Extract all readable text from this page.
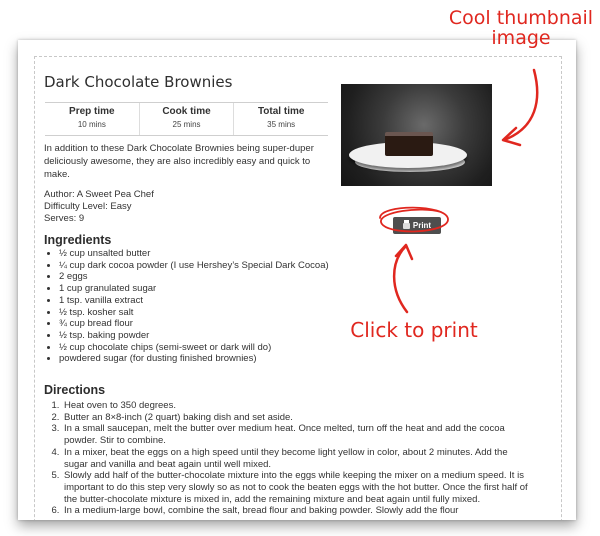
Dark Chocolate Brownies
Prep time
10 mins
Cook time
25 mins
Total time
35 mins
Print

In addition to these Dark Chocolate Brownies being super-duper deliciously awesome, they are also incredibly easy and quick to make.

Author: A Sweet Pea Chef
Difficulty Level: Easy
Serves: 9
Ingredients
• ½ cup unsalted butter
• ¼ cup dark cocoa powder (I use Hershey’s Special Dark Cocoa)
• 2 eggs
• 1 cup granulated sugar
• 1 tsp. vanilla extract
• ½ tsp. kosher salt
• ¾ cup bread flour
• ½ tsp. baking powder
• ½ cup chocolate chips (semi-sweet or dark will do)
• powdered sugar (for dusting finished brownies)
Directions
1. Heat oven to 350 degrees.
2. Butter an 8×8-inch (2 quart) baking dish and set aside.
3. In a small saucepan, melt the butter over medium heat. Once melted, turn off the heat and add the cocoa powder. Stir to combine.
4. In a mixer, beat the eggs on a high speed until they become light yellow in color, about 2 minutes. Add the sugar and vanilla and beat again until well mixed.
5. Slowly add half of the butter-chocolate mixture into the eggs while keeping the mixer on a medium speed. It is important to do this step very slowly so as not to cook the beaten eggs with the hot butter. Once the first half of the butter-chocolate mixture is mixed in, add the remaining mixture and beat again until fully mixed.
6. In a medium-large bowl, combine the salt, bread flour and baking powder. Slowly add the flour
Cool thumbnail image
Click to print
